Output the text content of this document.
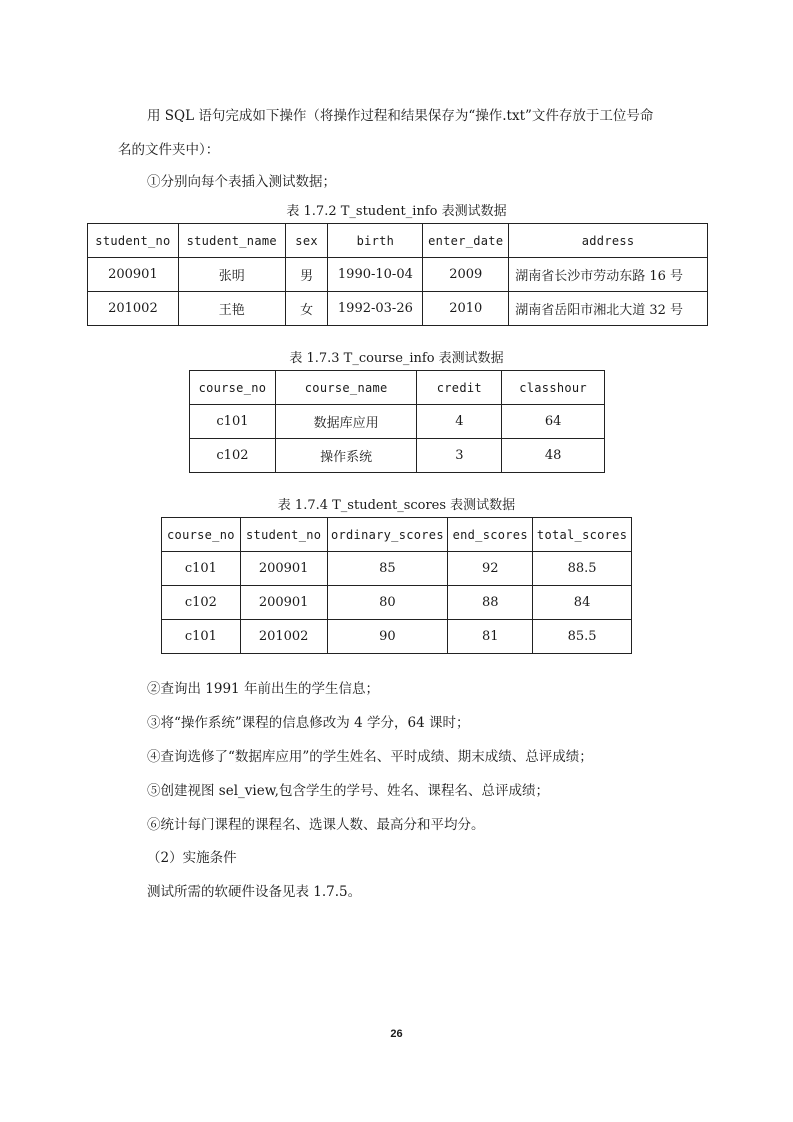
用 SQL 语句完成如下操作（将操作过程和结果保存为“操作.txt”文件存放于工位号命
名的文件夹中）：
①分别向每个表插入测试数据；
表 1.7.2 T_student_info 表测试数据
student_no	student_name	sex	birth	enter_date	address
200901	张明	男	1990-10-04	2009	湖南省长沙市劳动东路 16 号
201002	王艳	女	1992-03-26	2010	湖南省岳阳市湘北大道 32 号
表 1.7.3 T_course_info 表测试数据
course_no	course_name	credit	classhour
c101	数据库应用	4	64
c102	操作系统	3	48
表 1.7.4 T_student_scores 表测试数据
course_no	student_no	ordinary_scores	end_scores	total_scores
c101	200901	85	92	88.5
c102	200901	80	88	84
c101	201002	90	81	85.5
②查询出 1991 年前出生的学生信息；
③将“操作系统”课程的信息修改为 4 学分，64 课时；
④查询选修了“数据库应用”的学生姓名、平时成绩、期末成绩、总评成绩；
⑤创建视图 sel_view,包含学生的学号、姓名、课程名、总评成绩；
⑥统计每门课程的课程名、选课人数、最高分和平均分。
（2）实施条件
测试所需的软硬件设备见表 1.7.5。
26
